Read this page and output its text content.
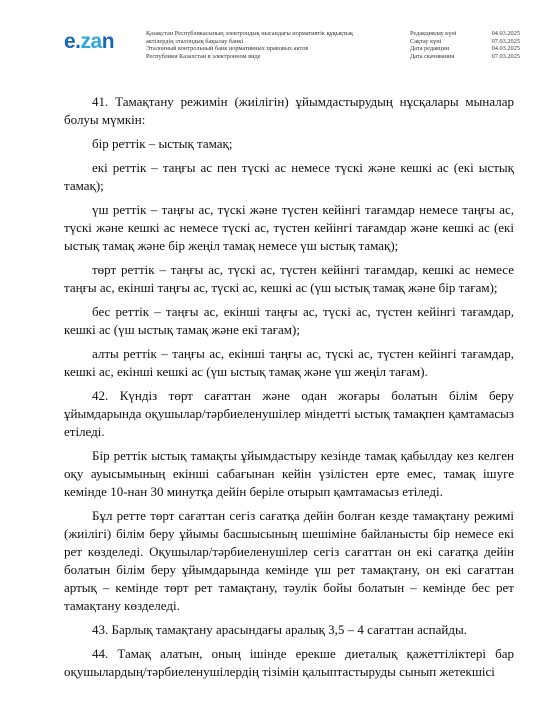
e.zan	Қазақстан Республикасының электрондық нысандағы нормативтік құқықтық
актілердің эталондық бақылау банкі
Эталонный контрольный банк нормативных правовых актов
Республики Казахстан в электронном виде
Редакциялау күні	04.03.2025
Сақтау күні	07.03.2025
Дата редакции	04.03.2025
Дата скачивания	07.03.2025

41. Тамақтану режимін (жиілігін) ұйымдастырудың нұсқалары мыналар болуы мүмкін:

бір реттік – ыстық тамақ;

екі реттік – таңғы ас пен түскі ас немесе түскі және кешкі ас (екі ыстық тамақ);

үш реттік – таңғы ас, түскі және түстен кейінгі тағамдар немесе таңғы ас, түскі және кешкі ас немесе түскі ас, түстен кейінгі тағамдар және кешкі ас (екі ыстық тамақ және бір жеңіл тамақ немесе үш ыстық тамақ);

төрт реттік – таңғы ас, түскі ас, түстен кейінгі тағамдар, кешкі ас немесе таңғы ас, екінші таңғы ас, түскі ас, кешкі ас (үш ыстық тамақ және бір тағам);

бес реттік – таңғы ас, екінші таңғы ас, түскі ас, түстен кейінгі тағамдар, кешкі ас (үш ыстық тамақ және екі тағам);

алты реттік – таңғы ас, екінші таңғы ас, түскі ас, түстен кейінгі тағамдар, кешкі ас, екінші кешкі ас (үш ыстық тамақ және үш жеңіл тағам).

42. Күндіз төрт сағаттан және одан жоғары болатын білім беру ұйымдарында оқушылар/тәрбиеленушілер міндетті ыстық тамақпен қамтамасыз етіледі.

Бір реттік ыстық тамақты ұйымдастыру кезінде тамақ қабылдау кез келген оқу ауысымының екінші сабағынан кейін үзілістен ерте емес, тамақ ішуге кемінде 10-нан 30 минутқа дейін беріле отырып қамтамасыз етіледі.

Бұл ретте төрт сағаттан сегіз сағатқа дейін болған кезде тамақтану режимі (жиілігі) білім беру ұйымы басшысының шешіміне байланысты бір немесе екі рет көзделеді. Оқушылар/тәрбиеленушілер сегіз сағаттан он екі сағатқа дейін болатын білім беру ұйымдарында кемінде үш рет тамақтану, он екі сағаттан артық – кемінде төрт рет тамақтану, тәулік бойы болатын – кемінде бес рет тамақтану көзделеді.

43. Барлық тамақтану арасындағы аралық 3,5 – 4 сағаттан аспайды.

44. Тамақ алатын, оның ішінде ерекше диеталық қажеттіліктері бар оқушылардың/тәрбиеленушілердің тізімін қалыптастыруды сынып жетекшісі
